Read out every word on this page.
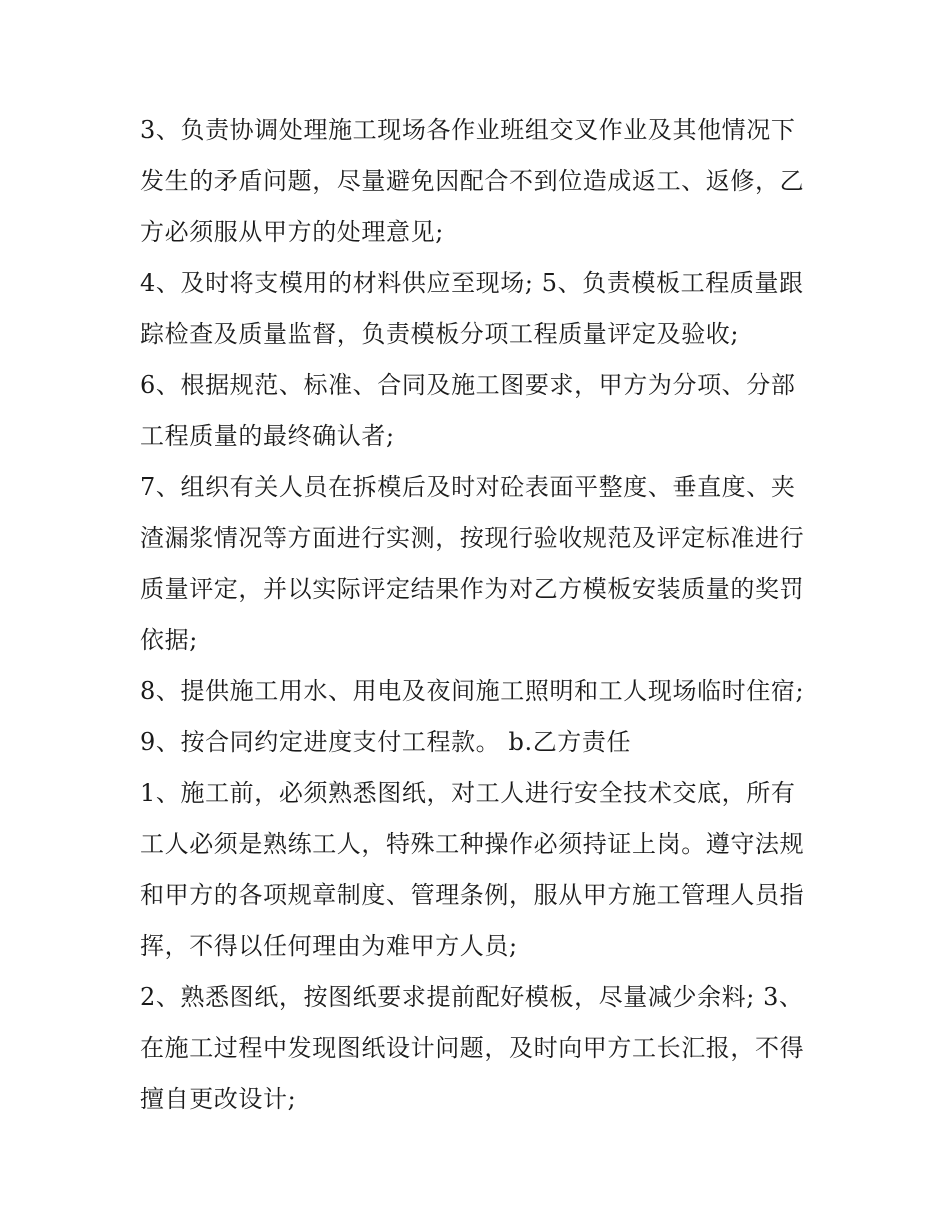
3、负责协调处理施工现场各作业班组交叉作业及其他情况下
发生的矛盾问题，尽量避免因配合不到位造成返工、返修，乙
方必须服从甲方的处理意见;
4、及时将支模用的材料供应至现场; 5、负责模板工程质量跟
踪检查及质量监督，负责模板分项工程质量评定及验收;
6、根据规范、标准、合同及施工图要求，甲方为分项、分部
工程质量的最终确认者;
7、组织有关人员在拆模后及时对砼表面平整度、垂直度、夹
渣漏浆情况等方面进行实测，按现行验收规范及评定标准进行
质量评定，并以实际评定结果作为对乙方模板安装质量的奖罚
依据;
8、提供施工用水、用电及夜间施工照明和工人现场临时住宿;
9、按合同约定进度支付工程款。 b.乙方责任
1、施工前，必须熟悉图纸，对工人进行安全技术交底，所有
工人必须是熟练工人，特殊工种操作必须持证上岗。遵守法规
和甲方的各项规章制度、管理条例，服从甲方施工管理人员指
挥，不得以任何理由为难甲方人员;
2、熟悉图纸，按图纸要求提前配好模板，尽量减少余料; 3、
在施工过程中发现图纸设计问题，及时向甲方工长汇报，不得
擅自更改设计;
